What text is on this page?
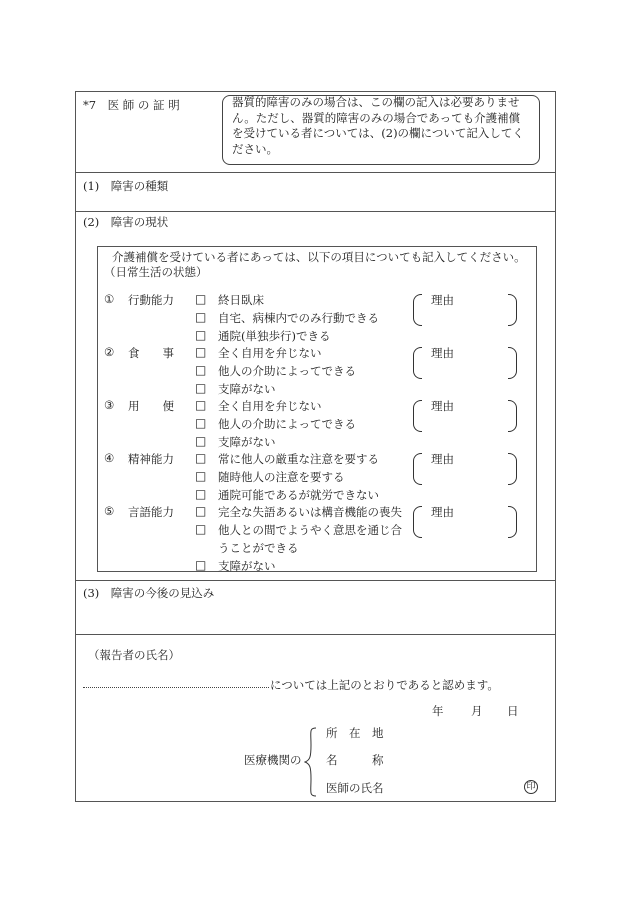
*7　医 師 の 証 明	器質的障害のみの場合は、この欄の記入は必要ありませ
ん。ただし、器質的障害のみの場合であっても介護補償
を受けている者については、(2)の欄について記入してく
ださい。
(1)　障害の種類
(2)　障害の現状
(3)　障害の今後の見込み
介護補償を受けている者にあっては、以下の項目についても記入してください。
（日常生活の状態）
① 行動能力 □ 終日臥床
□ 自宅、病棟内でのみ行動できる
□ 通院(単独歩行)できる
理由
② 食　　事 □ 全く自用を弁じない
□ 他人の介助によってできる
□ 支障がない
理由
③ 用　　便 □ 全く自用を弁じない
□ 他人の介助によってできる
□ 支障がない
理由
④ 精神能力 □ 常に他人の厳重な注意を要する
□ 随時他人の注意を要する
□ 通院可能であるが就労できない
理由
⑤ 言語能力 □ 完全な失語あるいは構音機能の喪失
□ 他人との間でようやく意思を通じ合
うことができる
□ 支障がない
理由
（報告者の氏名）
については上記のとおりであると認めます。
年 月 日
医療機関の
所　在　地
名　　　称
医師の氏名	印
